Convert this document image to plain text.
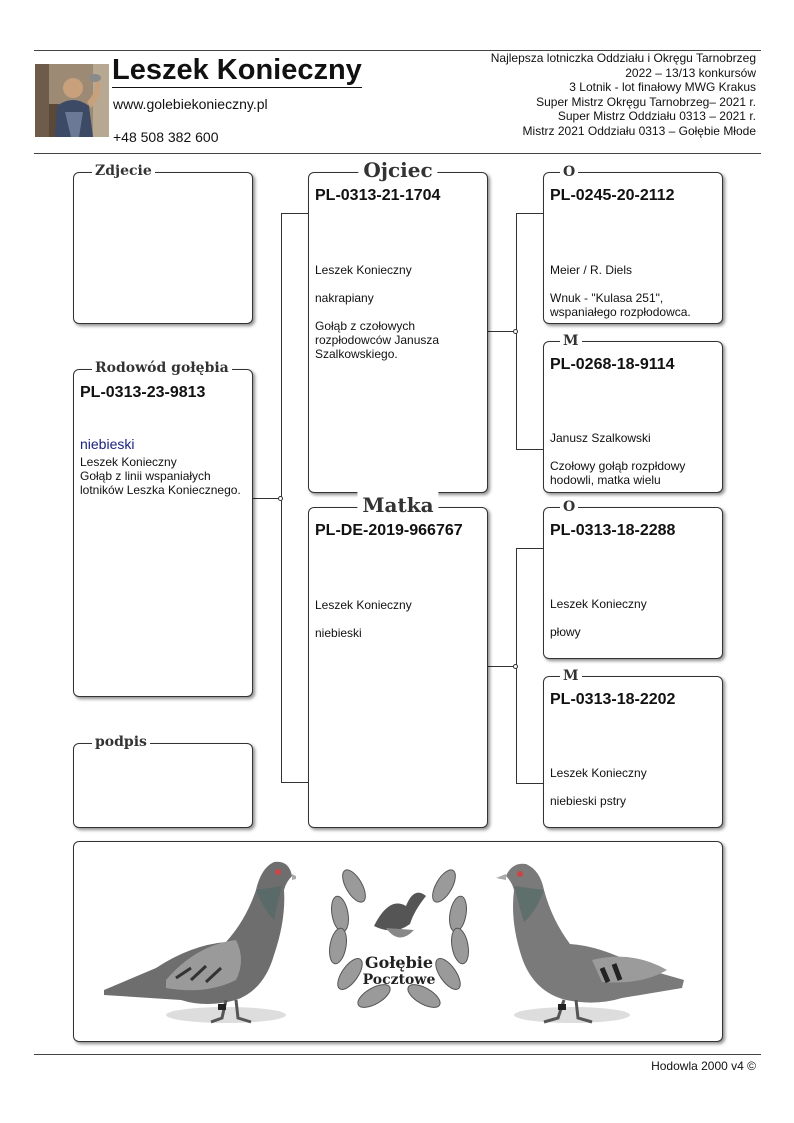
Leszek Konieczny
www.golebiekonieczny.pl
+48 508 382 600
Najlepsza lotniczka Oddziału i Okręgu Tarnobrzeg
2022 – 13/13 konkursów
3 Lotnik - lot finałowy MWG Krakus
Super Mistrz Okręgu Tarnobrzeg– 2021 r.
Super Mistrz Oddziału 0313 – 2021 r.
Mistrz 2021 Oddziału 0313 – Gołębie Młode
Zdjecie
Rodowód gołębia
PL-0313-23-9813
niebieski
Leszek Konieczny
Gołąb z linii wspaniałych lotników Leszka Koniecznego.
podpis
Ojciec
PL-0313-21-1704
Leszek Konieczny
nakrapiany
Gołąb z czołowych rozpłodowców Janusza Szalkowskiego.
Matka
PL-DE-2019-966767
Leszek Konieczny
niebieski
O
PL-0245-20-2112
Meier / R. Diels
Wnuk - "Kulasa 251", wspaniałego rozpłodowca.
M
PL-0268-18-9114
Janusz Szalkowski
Czołowy gołąb rozpłdowy hodowli, matka wielu
O
PL-0313-18-2288
Leszek Konieczny
płowy
M
PL-0313-18-2202
Leszek Konieczny
niebieski pstry
Gołębie
Pocztowe
Hodowla 2000 v4 ©
